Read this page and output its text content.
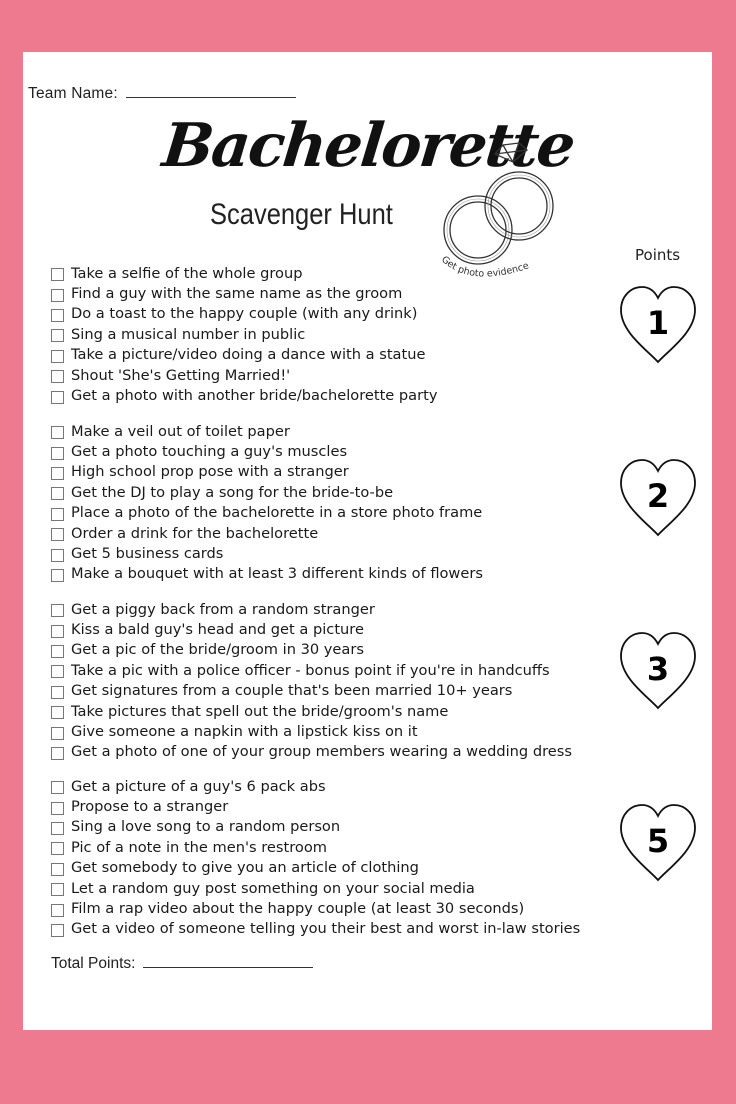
Team Name:
Bachelorette
Scavenger Hunt
Get photo evidence
Points
Take a selfie of the whole group
Find a guy with the same name as the groom
Do a toast to the happy couple (with any drink)
Sing a musical number in public
Take a picture/video doing a dance with a statue
Shout 'She's Getting Married!'
Get a photo with another bride/bachelorette party
Make a veil out of toilet paper
Get a photo touching a guy's muscles
High school prop pose with a stranger
Get the DJ to play a song for the bride-to-be
Place a photo of the bachelorette in a store photo frame
Order a drink for the bachelorette
Get 5 business cards
Make a bouquet with at least 3 different kinds of flowers
Get a piggy back from a random stranger
Kiss a bald guy's head and get a picture
Get a pic of the bride/groom in 30 years
Take a pic with a police officer - bonus point if you're in handcuffs
Get signatures from a couple that's been married 10+ years
Take pictures that spell out the bride/groom's name
Give someone a napkin with a lipstick kiss on it
Get a photo of one of your group members wearing a wedding dress
Get a picture of a guy's 6 pack abs
Propose to a stranger
Sing a love song to a random person
Pic of a note in the men's restroom
Get somebody to give you an article of clothing
Let a random guy post something on your social media
Film a rap video about the happy couple (at least 30 seconds)
Get a video of someone telling you their best and worst in-law stories
1
2
3
5
Total Points:
